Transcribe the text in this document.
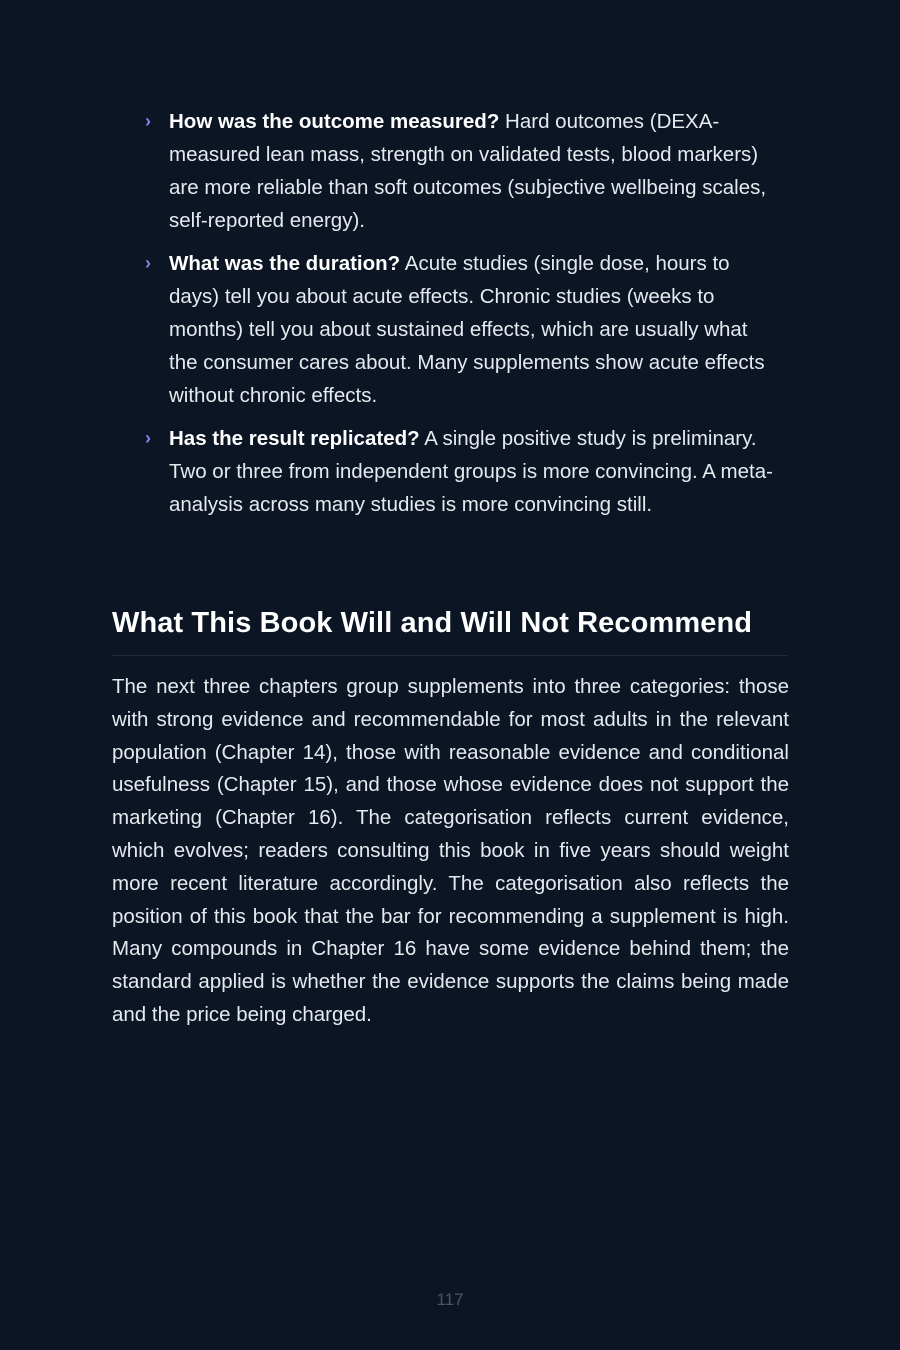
› How was the outcome measured? Hard outcomes (DEXA-measured lean mass, strength on validated tests, blood markers) are more reliable than soft outcomes (subjective wellbeing scales, self-reported energy).
› What was the duration? Acute studies (single dose, hours to days) tell you about acute effects. Chronic studies (weeks to months) tell you about sustained effects, which are usually what the consumer cares about. Many supplements show acute effects without chronic effects.
› Has the result replicated? A single positive study is preliminary. Two or three from independent groups is more convincing. A meta-analysis across many studies is more convincing still.
What This Book Will and Will Not Recommend

The next three chapters group supplements into three categories: those with strong evidence and recommendable for most adults in the relevant population (Chapter 14), those with reasonable evidence and conditional usefulness (Chapter 15), and those whose evidence does not support the marketing (Chapter 16). The categorisation reflects current evidence, which evolves; readers consulting this book in five years should weight more recent literature accordingly. The categorisation also reflects the position of this book that the bar for recommending a supplement is high. Many compounds in Chapter 16 have some evidence behind them; the standard applied is whether the evidence supports the claims being made and the price being charged.

117
